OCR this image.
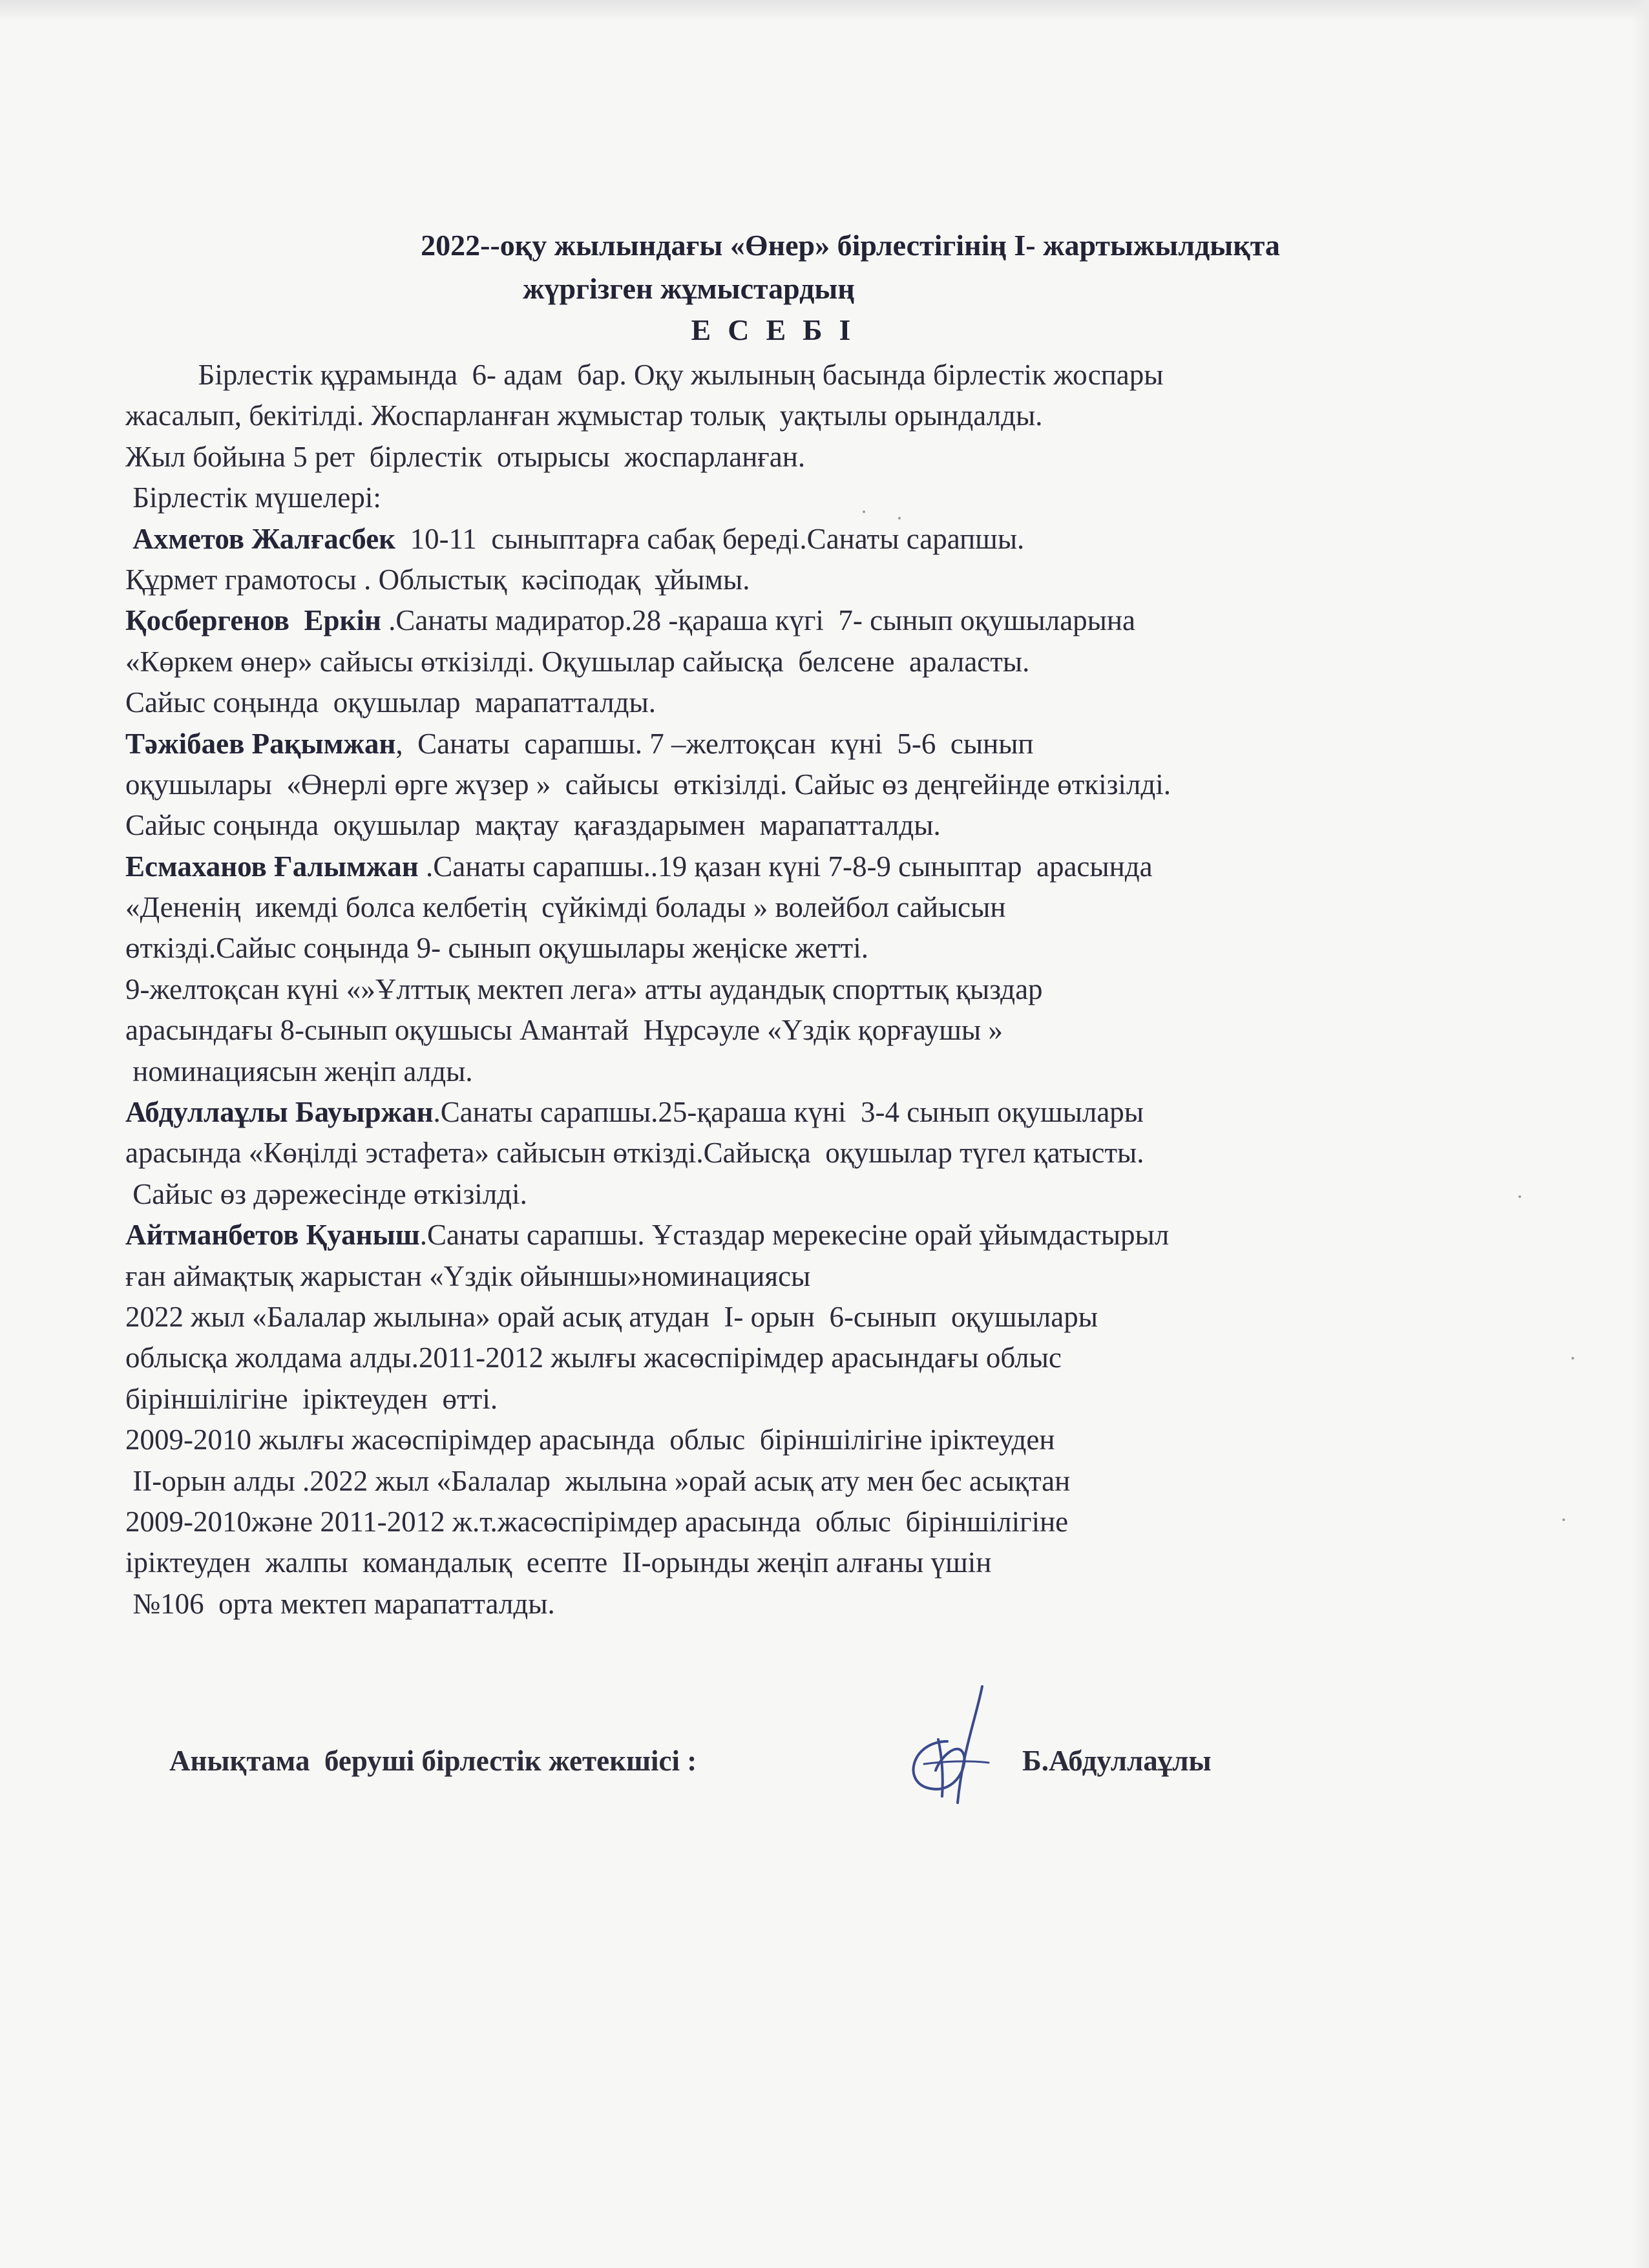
2022--оқу жылындағы «Өнер» бірлестігінің І- жартыжылдықта
жүргізген жұмыстардың
ЕСЕБІ
Бірлестік құрамында  6- адам  бар. Оқу жылының басында бірлестік жоспары
жасалып, бекітілді. Жоспарланған жұмыстар толық  уақтылы орындалды.
Жыл бойына 5 рет  бірлестік  отырысы  жоспарланған.
Бірлестік мүшелері:
Ахметов Жалғасбек  10-11  сыныптарға сабақ береді.Санаты сарапшы.
Құрмет грамотосы . Облыстық  кәсіподақ  ұйымы.
Қосбергенов  Еркін .Санаты мадиратор.28 -қараша күгі  7- сынып оқушыларына
«Көркем өнер» сайысы өткізілді. Оқушылар сайысқа  белсене  араласты.
Сайыс соңында  оқушылар  марапатталды.
Тәжібаев Рақымжан,  Санаты  сарапшы. 7 –желтоқсан  күні  5-6  сынып
оқушылары  «Өнерлі өрге жүзер »  сайысы  өткізілді. Сайыс өз деңгейінде өткізілді.
Сайыс соңында  оқушылар  мақтау  қағаздарымен  марапатталды.
Есмаханов Ғалымжан .Санаты сарапшы..19 қазан күні 7-8-9 сыныптар  арасында
«Дененің  икемді болса келбетің  сүйкімді болады » волейбол сайысын
өткізді.Сайыс соңында 9- сынып оқушылары жеңіске жетті.
9-желтоқсан күні «»Ұлттық мектеп лега» атты аудандық спорттық қыздар
арасындағы 8-сынып оқушысы Амантай  Нұрсәуле «Үздік қорғаушы »
номинациясын жеңіп алды.
Абдуллаұлы Бауыржан.Санаты сарапшы.25-қараша күні  3-4 сынып оқушылары
арасында «Көңілді эстафета» сайысын өткізді.Сайысқа  оқушылар түгел қатысты.
Сайыс өз дәрежесінде өткізілді.
Айтманбетов Қуаныш.Санаты сарапшы. Ұстаздар мерекесіне орай ұйымдастырыл
ған аймақтық жарыстан «Үздік ойыншы»номинациясы
2022 жыл «Балалар жылына» орай асық атудан  І- орын  6-сынып  оқушылары
облысқа жолдама алды.2011-2012 жылғы жасөспірімдер арасындағы облыс
біріншілігіне  іріктеуден  өтті.
2009-2010 жылғы жасөспірімдер арасында  облыс  біріншілігіне іріктеуден
ІІ-орын алды .2022 жыл «Балалар  жылына »орай асық ату мен бес асықтан
2009-2010және 2011-2012 ж.т.жасөспірімдер арасында  облыс  біріншілігіне
іріктеуден  жалпы  командалық  есепте  ІІ-орынды жеңіп алғаны үшін
№106  орта мектеп марапатталды.
Анықтама  беруші бірлестік жетекшісі :	Б.Абдуллаұлы
